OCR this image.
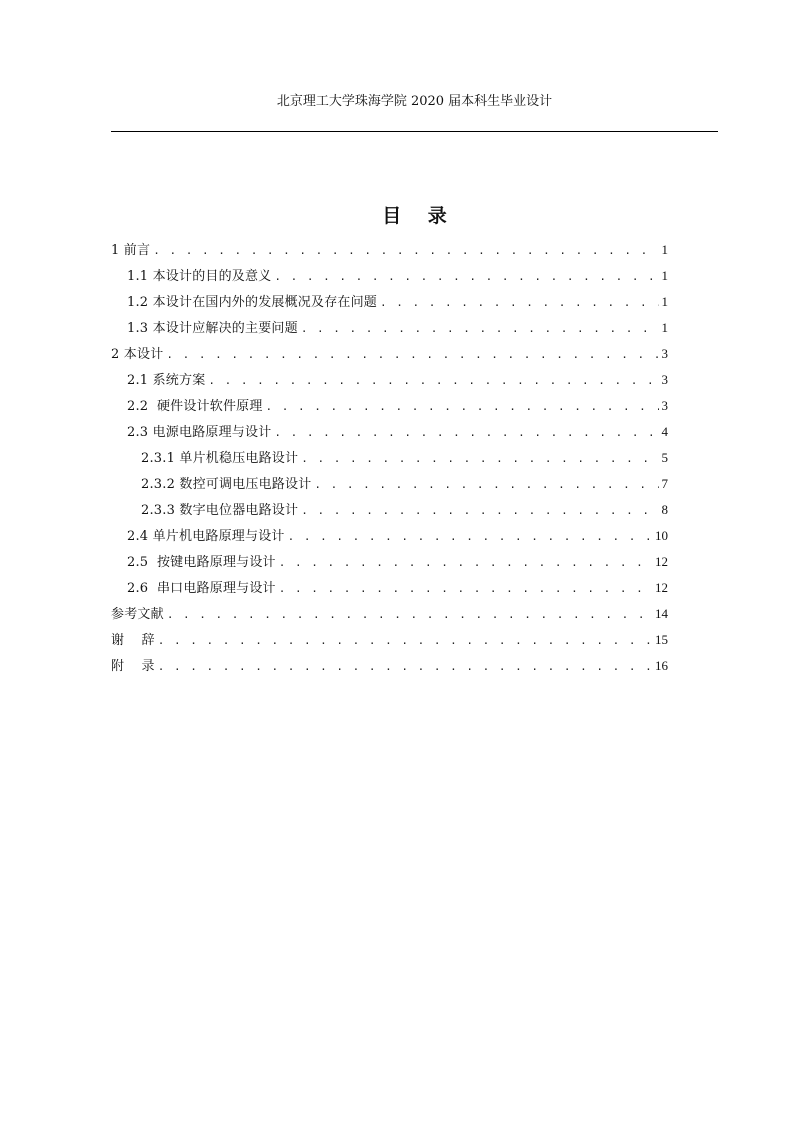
北京理工大学珠海学院 2020 届本科生毕业设计
目    录
1 前言 . . .	1
1.1 本设计的目的及意义 . . .	1
1.2 本设计在国内外的发展概况及存在问题 . . .	1
1.3 本设计应解决的主要问题 . . .	1
2 本设计 . . .	3
2.1 系统方案 . . .	3
2.2  硬件设计软件原理 . . .	3
2.3 电源电路原理与设计 . . .	4
2.3.1 单片机稳压电路设计 . . .	5
2.3.2 数控可调电压电路设计 . . .	7
2.3.3 数字电位器电路设计 . . .	8
2.4 单片机电路原理与设计 . . .	10
2.5  按键电路原理与设计 . . .	12
2.6  串口电路原理与设计 . . .	12
参考文献 . . .	14
谢    辞 . . .	15
附    录 . . .	16
